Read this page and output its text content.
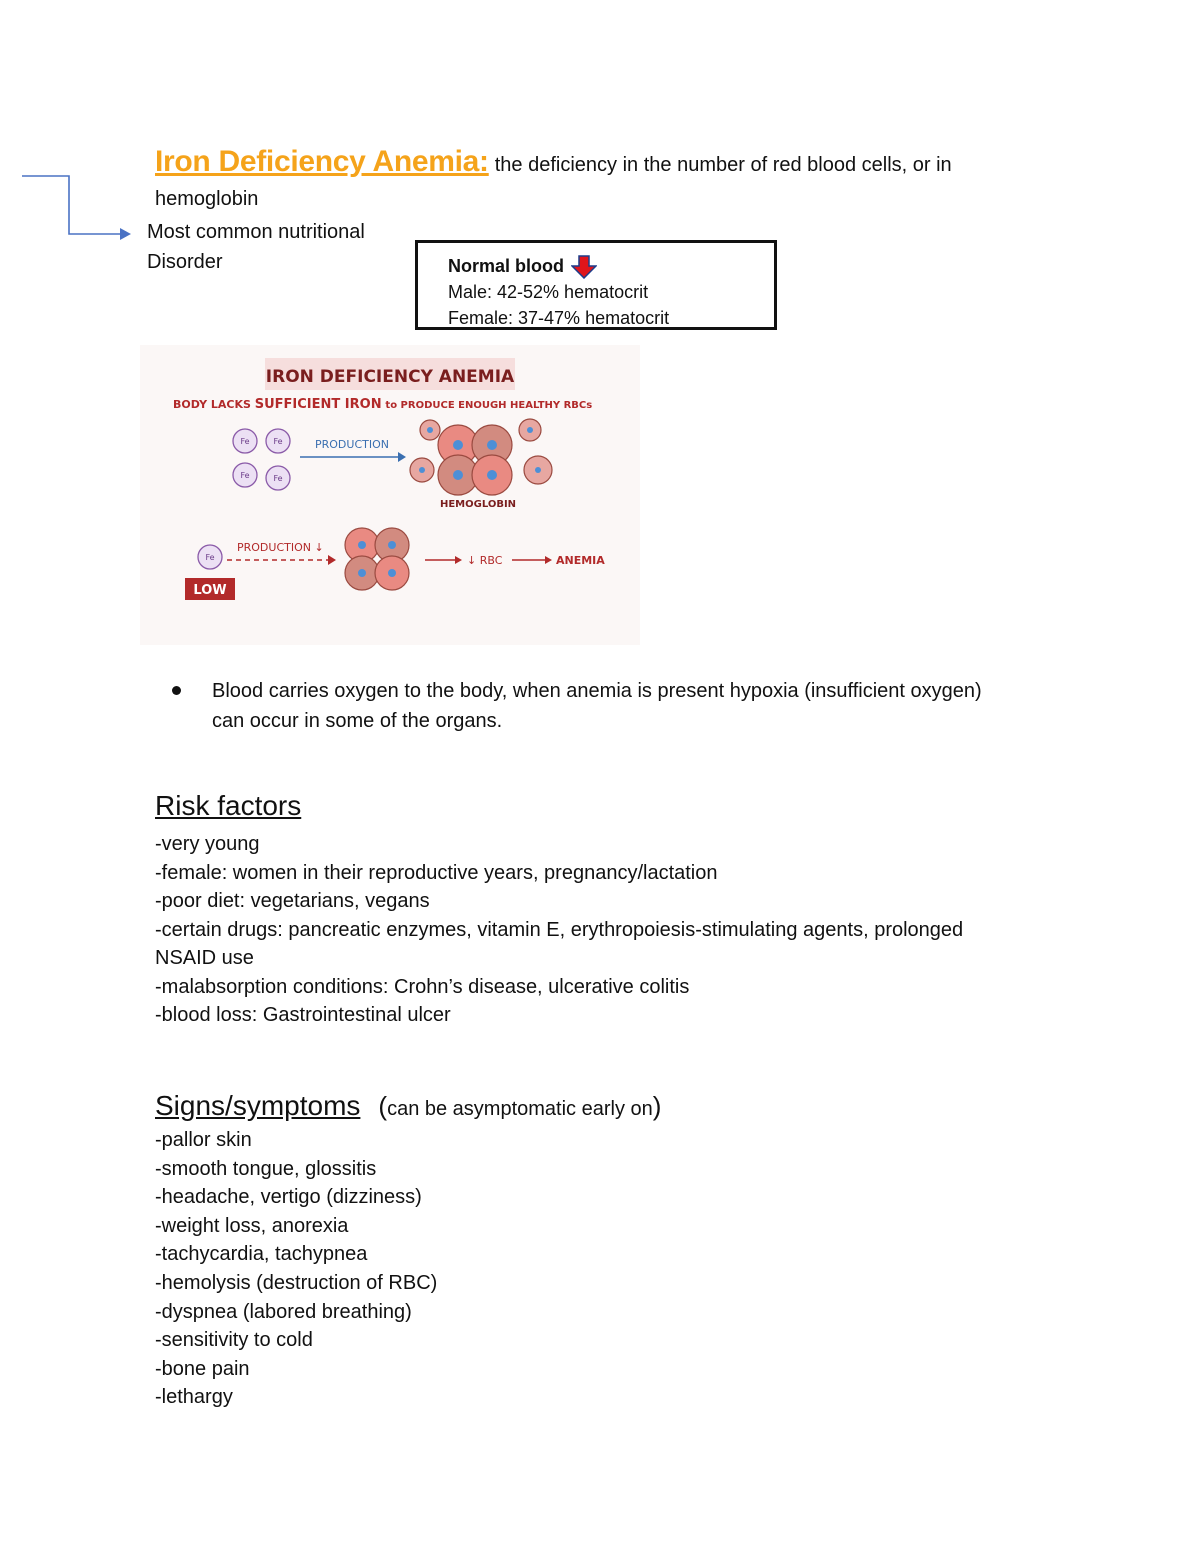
Iron Deficiency Anemia: the deficiency in the number of red blood cells, or in
hemoglobin
Most common nutritional
Disorder	Normal blood
Male: 42-52% hematocrit
Female: 37-47% hematocrit
IRON DEFICIENCY ANEMIA
BODY LACKS SUFFICIENT IRON to PRODUCE ENOUGH HEALTHY RBCs
Fe	Fe
Fe	Fe
PRODUCTION
HEMOGLOBIN
Fe
LOW
PRODUCTION ↓
↓ RBC	ANEMIA
Blood carries oxygen to the body, when anemia is present hypoxia (insufficient oxygen)
can occur in some of the organs.
Risk factors
-very young
-female: women in their reproductive years, pregnancy/lactation
-poor diet: vegetarians, vegans
-certain drugs: pancreatic enzymes, vitamin E, erythropoiesis-stimulating agents, prolonged
NSAID use
-malabsorption conditions: Crohn’s disease, ulcerative colitis
-blood loss: Gastrointestinal ulcer
Signs/symptoms (can be asymptomatic early on)
-pallor skin
-smooth tongue, glossitis
-headache, vertigo (dizziness)
-weight loss, anorexia
-tachycardia, tachypnea
-hemolysis (destruction of RBC)
-dyspnea (labored breathing)
-sensitivity to cold
-bone pain
-lethargy
